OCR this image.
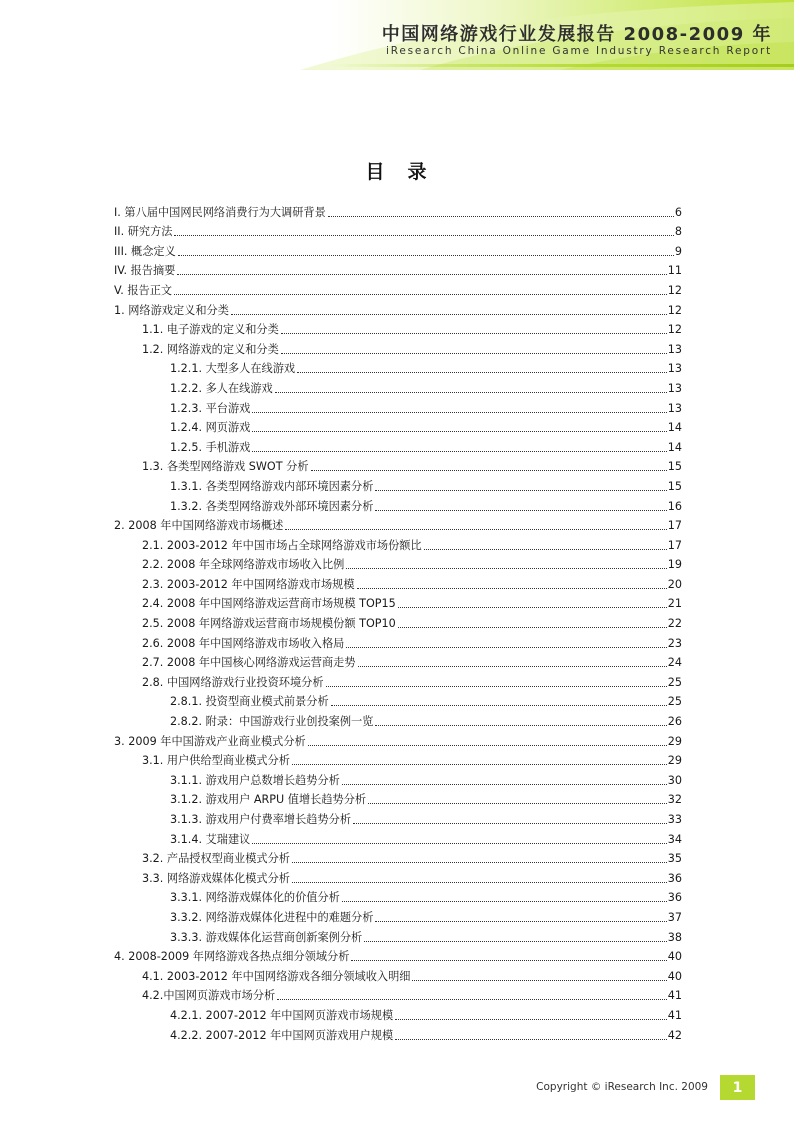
中国网络游戏行业发展报告 2008-2009 年
iResearch China Online Game Industry Research Report
目　录
I. 第八届中国网民网络消费行为大调研背景	6
II. 研究方法	8
III. 概念定义	9
IV. 报告摘要	11
V. 报告正文	12
1. 网络游戏定义和分类	12
1.1. 电子游戏的定义和分类	12
1.2. 网络游戏的定义和分类	13
1.2.1. 大型多人在线游戏	13
1.2.2. 多人在线游戏	13
1.2.3. 平台游戏	13
1.2.4. 网页游戏	14
1.2.5. 手机游戏	14
1.3. 各类型网络游戏 SWOT 分析	15
1.3.1. 各类型网络游戏内部环境因素分析	15
1.3.2. 各类型网络游戏外部环境因素分析	16
2. 2008 年中国网络游戏市场概述	17
2.1. 2003-2012 年中国市场占全球网络游戏市场份额比	17
2.2. 2008 年全球网络游戏市场收入比例	19
2.3. 2003-2012 年中国网络游戏市场规模	20
2.4. 2008 年中国网络游戏运营商市场规模 TOP15	21
2.5. 2008 年网络游戏运营商市场规模份额 TOP10	22
2.6. 2008 年中国网络游戏市场收入格局	23
2.7. 2008 年中国核心网络游戏运营商走势	24
2.8. 中国网络游戏行业投资环境分析	25
2.8.1. 投资型商业模式前景分析	25
2.8.2. 附录：中国游戏行业创投案例一览	26
3. 2009 年中国游戏产业商业模式分析	29
3.1. 用户供给型商业模式分析	29
3.1.1. 游戏用户总数增长趋势分析	30
3.1.2. 游戏用户 ARPU 值增长趋势分析	32
3.1.3. 游戏用户付费率增长趋势分析	33
3.1.4. 艾瑞建议	34
3.2. 产品授权型商业模式分析	35
3.3. 网络游戏媒体化模式分析	36
3.3.1. 网络游戏媒体化的价值分析	36
3.3.2. 网络游戏媒体化进程中的难题分析	37
3.3.3. 游戏媒体化运营商创新案例分析	38
4. 2008-2009 年网络游戏各热点细分领域分析	40
4.1. 2003-2012 年中国网络游戏各细分领域收入明细	40
4.2.中国网页游戏市场分析	41
4.2.1. 2007-2012 年中国网页游戏市场规模	41
4.2.2. 2007-2012 年中国网页游戏用户规模	42
Copyright © iResearch Inc. 2009	1
